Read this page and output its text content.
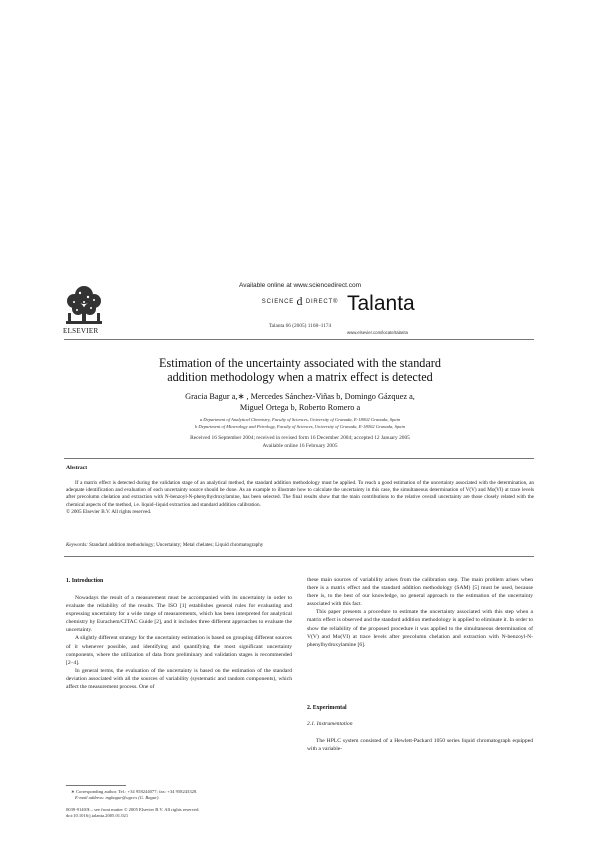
ELSEVIER
Available online at www.sciencedirect.com
SCIENCE d DIRECT®
Talanta 66 (2005) 1168–1174
Talanta
www.elsevier.com/locate/talanta
Estimation of the uncertainty associated with the standard
addition methodology when a matrix effect is detected
Gracia Bagur a,∗ , Mercedes Sánchez-Viñas b, Domingo Gázquez a,
Miguel Ortega b, Roberto Romero a
a Department of Analytical Chemistry, Faculty of Sciences, University of Granada, E-18002 Granada, Spain
b Department of Mineralogy and Petrology, Faculty of Sciences, University of Granada, E-18002 Granada, Spain
Received 16 September 2004; received in revised form 16 December 2004; accepted 12 January 2005
Available online 16 February 2005
Abstract
If a matrix effect is detected during the validation stage of an analytical method, the standard addition methodology must be applied. To reach a good estimation of the uncertainty associated with the determination, an adequate identification and evaluation of each uncertainty source should be done. As an example to illustrate how to calculate the uncertainty in this case, the simultaneous determination of V(V) and Mo(VI) at trace levels after precolumn chelation and extraction with N-benzoyl-N-phenylhydroxylamine, has been selected. The final results show that the main contributions to the relative overall uncertainty are those closely related with the chemical aspects of the method, i.e. liquid–liquid extraction and standard addition calibration.
© 2005 Elsevier B.V. All rights reserved.
Keywords: Standard addition methodology; Uncertainty; Metal chelates; Liquid chromatography
1. Introduction
Nowadays the result of a measurement must be accompanied with its uncertainty in order to evaluate the reliability of the results. The ISO [1] establishes general rules for evaluating and expressing uncertainty for a wide range of measurements, which has been interpreted for analytical chemistry by Eurachem/CITAC Guide [2], and it includes three different approaches to evaluate the uncertainty.
A slightly different strategy for the uncertainty estimation is based on grouping different sources of it whenever possible, and identifying and quantifying the most significant uncertainty components, where the utilization of data from preliminary and validation stages is recommended [2–4].
In general terms, the evaluation of the uncertainty is based on the estimation of the standard deviation associated with all the sources of variability (systematic and random components), which affect the measurement process. One of
∗ Corresponding author. Tel.: +34 958244077; fax: +34 958243328.
E-mail address: mgbagur@ugr.es (G. Bagur).
0039-9140/$ – see front matter © 2005 Elsevier B.V. All rights reserved.
doi:10.1016/j.talanta.2005.01.021
these main sources of variability arises from the calibration step. The main problem arises when there is a matrix effect and the standard addition methodology (SAM) [5] must be used, because there is, to the best of our knowledge, no general approach to the estimation of the uncertainty associated with this fact.
This paper presents a procedure to estimate the uncertainty associated with this step when a matrix effect is observed and the standard addition methodology is applied to eliminate it. In order to show the reliability of the proposed procedure it was applied to the simultaneous determination of V(V) and Mo(VI) at trace levels after precolumn chelation and extraction with N-benzoyl-N-phenylhydroxylamine [6].
2. Experimental
2.1. Instrumentation
The HPLC system consisted of a Hewlett-Packard 1050 series liquid chromatograph equipped with a variable-
